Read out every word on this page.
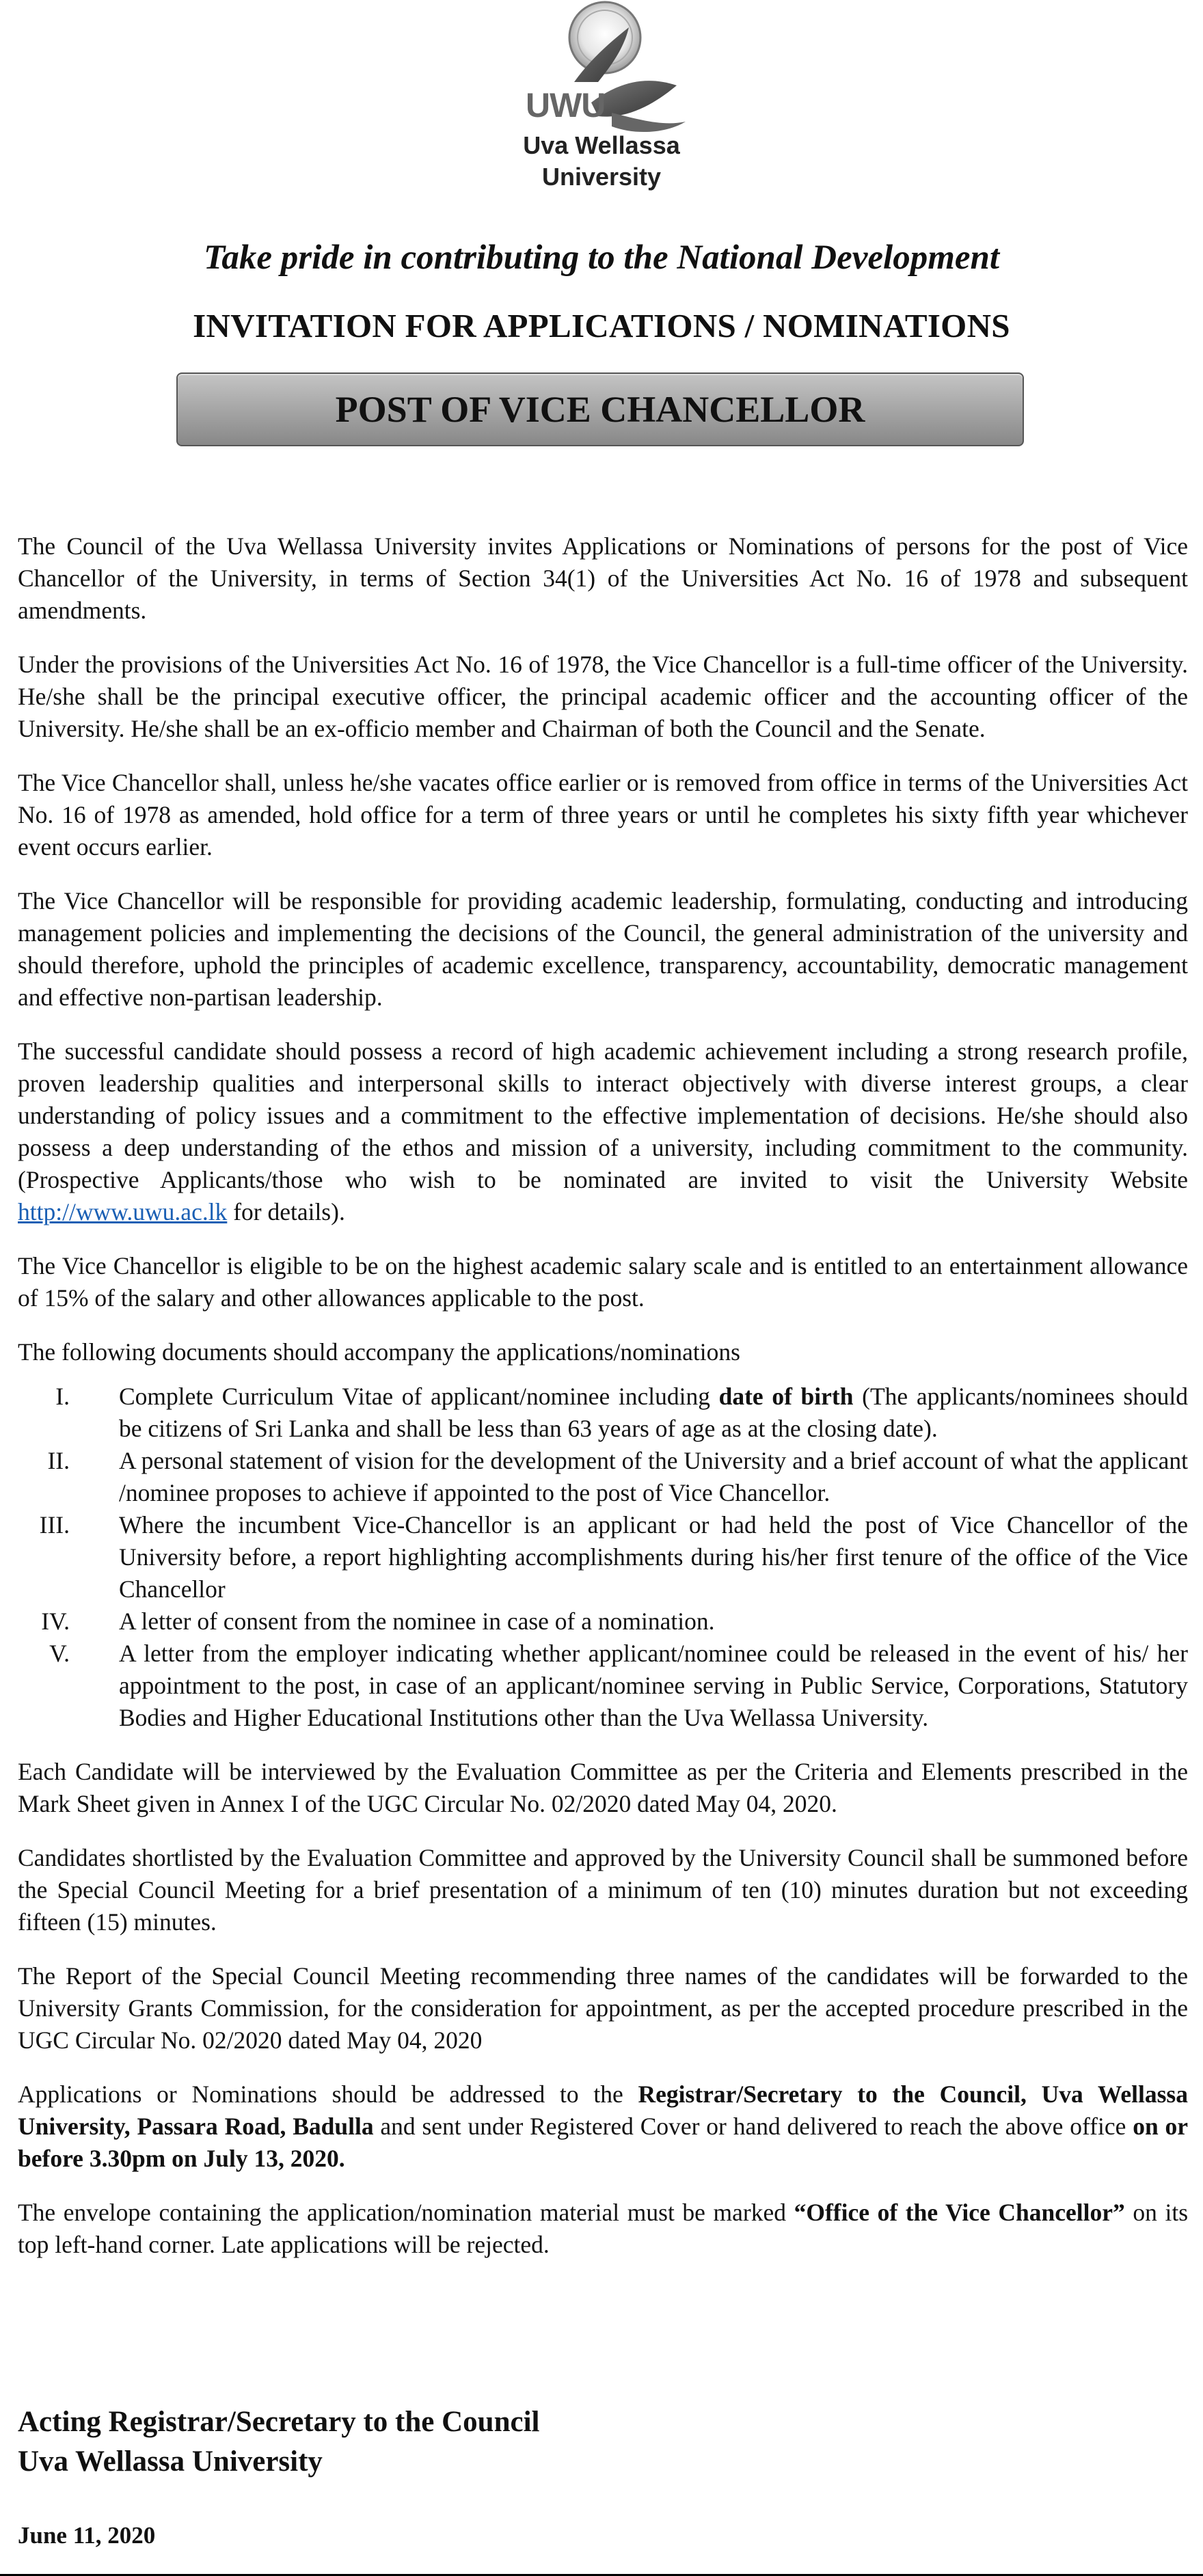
UWU
Uva Wellassa
University
Take pride in contributing to the National Development
INVITATION FOR APPLICATIONS / NOMINATIONS
POST OF VICE CHANCELLOR

The Council of the Uva Wellassa University invites Applications or Nominations of persons for the post of Vice Chancellor of the University, in terms of Section 34(1) of the Universities Act No. 16 of 1978 and subsequent amendments.

Under the provisions of the Universities Act No. 16 of 1978, the Vice Chancellor is a full-time officer of the University. He/she shall be the principal executive officer, the principal academic officer and the accounting officer of the University. He/she shall be an ex-officio member and Chairman of both the Council and the Senate.

The Vice Chancellor shall, unless he/she vacates office earlier or is removed from office in terms of the Universities Act No. 16 of 1978 as amended, hold office for a term of three years or until he completes his sixty fifth year whichever event occurs earlier.

The Vice Chancellor will be responsible for providing academic leadership, formulating, conducting and introducing management policies and implementing the decisions of the Council, the general administration of the university and should therefore, uphold the principles of academic excellence, transparency, accountability, democratic management and effective non-partisan leadership.

The successful candidate should possess a record of high academic achievement including a strong research profile, proven leadership qualities and interpersonal skills to interact objectively with diverse interest groups, a clear understanding of policy issues and a commitment to the effective implementation of decisions. He/she should also possess a deep understanding of the ethos and mission of a university, including commitment to the community. (Prospective Applicants/those who wish to be nominated are invited to visit the University Website http://www.uwu.ac.lk for details).

The Vice Chancellor is eligible to be on the highest academic salary scale and is entitled to an entertainment allowance of 15% of the salary and other allowances applicable to the post.

The following documents should accompany the applications/nominations

I. Complete Curriculum Vitae of applicant/nominee including date of birth (The applicants/nominees should be citizens of Sri Lanka and shall be less than 63 years of age as at the closing date).
II. A personal statement of vision for the development of the University and a brief account of what the applicant /nominee proposes to achieve if appointed to the post of Vice Chancellor.
III. Where the incumbent Vice-Chancellor is an applicant or had held the post of Vice Chancellor of the University before, a report highlighting accomplishments during his/her first tenure of the office of the Vice Chancellor
IV. A letter of consent from the nominee in case of a nomination.
V. A letter from the employer indicating whether applicant/nominee could be released in the event of his/ her appointment to the post, in case of an applicant/nominee serving in Public Service, Corporations, Statutory Bodies and Higher Educational Institutions other than the Uva Wellassa University.

Each Candidate will be interviewed by the Evaluation Committee as per the Criteria and Elements prescribed in the Mark Sheet given in Annex I of the UGC Circular No. 02/2020 dated May 04, 2020.

Candidates shortlisted by the Evaluation Committee and approved by the University Council shall be summoned before the Special Council Meeting for a brief presentation of a minimum of ten (10) minutes duration but not exceeding fifteen (15) minutes.

The Report of the Special Council Meeting recommending three names of the candidates will be forwarded to the University Grants Commission, for the consideration for appointment, as per the accepted procedure prescribed in the UGC Circular No. 02/2020 dated May 04, 2020

Applications or Nominations should be addressed to the Registrar/Secretary to the Council, Uva Wellassa University, Passara Road, Badulla and sent under Registered Cover or hand delivered to reach the above office on or before 3.30pm on July 13, 2020.

The envelope containing the application/nomination material must be marked “Office of the Vice Chancellor” on its top left-hand corner. Late applications will be rejected.

Acting Registrar/Secretary to the Council
Uva Wellassa University
June 11, 2020
